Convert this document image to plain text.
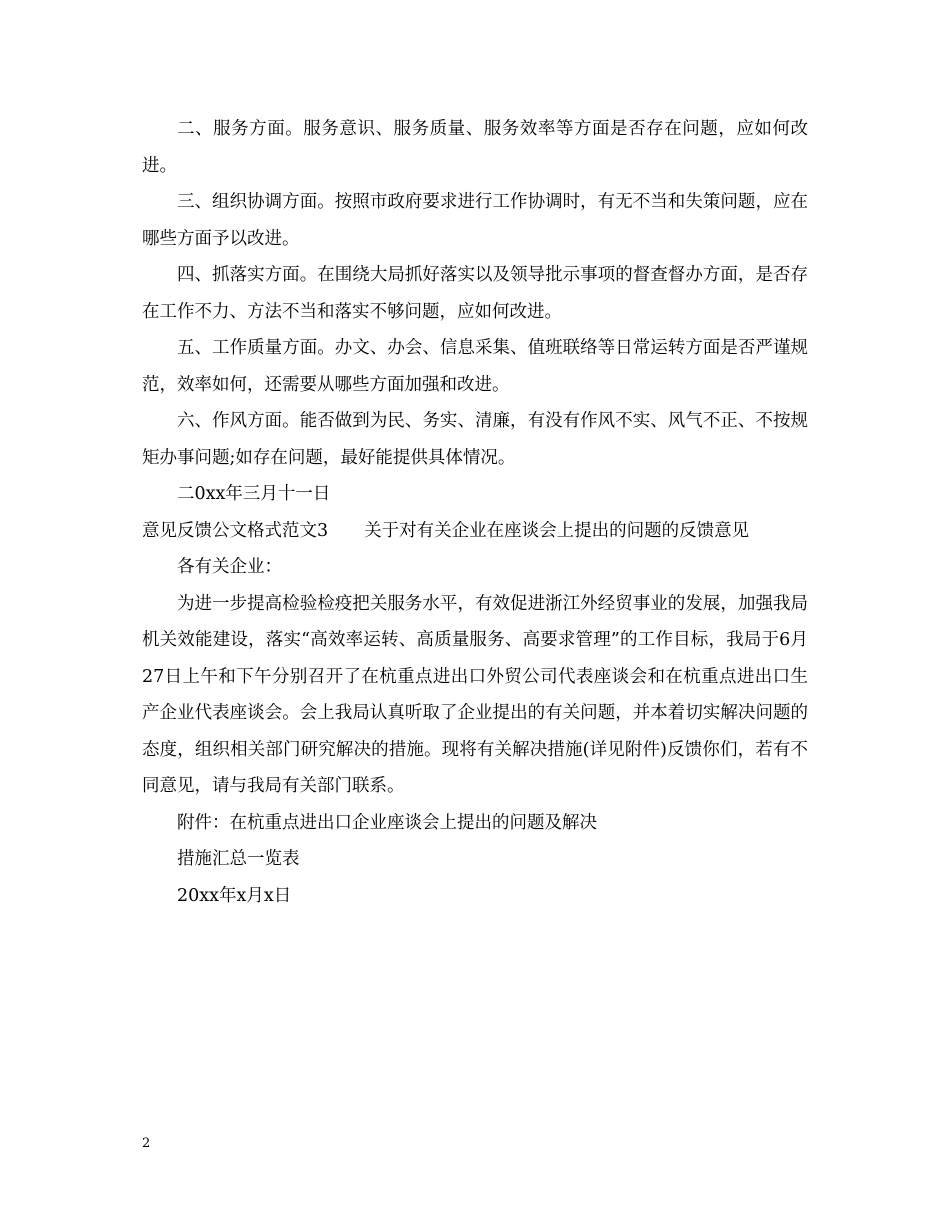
二、服务方面。服务意识、服务质量、服务效率等方面是否存在问题，应如何改进。

三、组织协调方面。按照市政府要求进行工作协调时，有无不当和失策问题，应在哪些方面予以改进。

四、抓落实方面。在围绕大局抓好落实以及领导批示事项的督查督办方面，是否存在工作不力、方法不当和落实不够问题，应如何改进。

五、工作质量方面。办文、办会、信息采集、值班联络等日常运转方面是否严谨规范，效率如何，还需要从哪些方面加强和改进。

六、作风方面。能否做到为民、务实、清廉，有没有作风不实、风气不正、不按规矩办事问题;如存在问题，最好能提供具体情况。

二0xx年三月十一日

意见反馈公文格式范文3 关于对有关企业在座谈会上提出的问题的反馈意见

各有关企业：

为进一步提高检验检疫把关服务水平，有效促进浙江外经贸事业的发展，加强我局机关效能建设，落实“高效率运转、高质量服务、高要求管理”的工作目标，我局于6月27日上午和下午分别召开了在杭重点进出口外贸公司代表座谈会和在杭重点进出口生产企业代表座谈会。会上我局认真听取了企业提出的有关问题，并本着切实解决问题的态度，组织相关部门研究解决的措施。现将有关解决措施(详见附件)反馈你们，若有不同意见，请与我局有关部门联系。

附件：在杭重点进出口企业座谈会上提出的问题及解决

措施汇总一览表

20xx年x月x日

2
